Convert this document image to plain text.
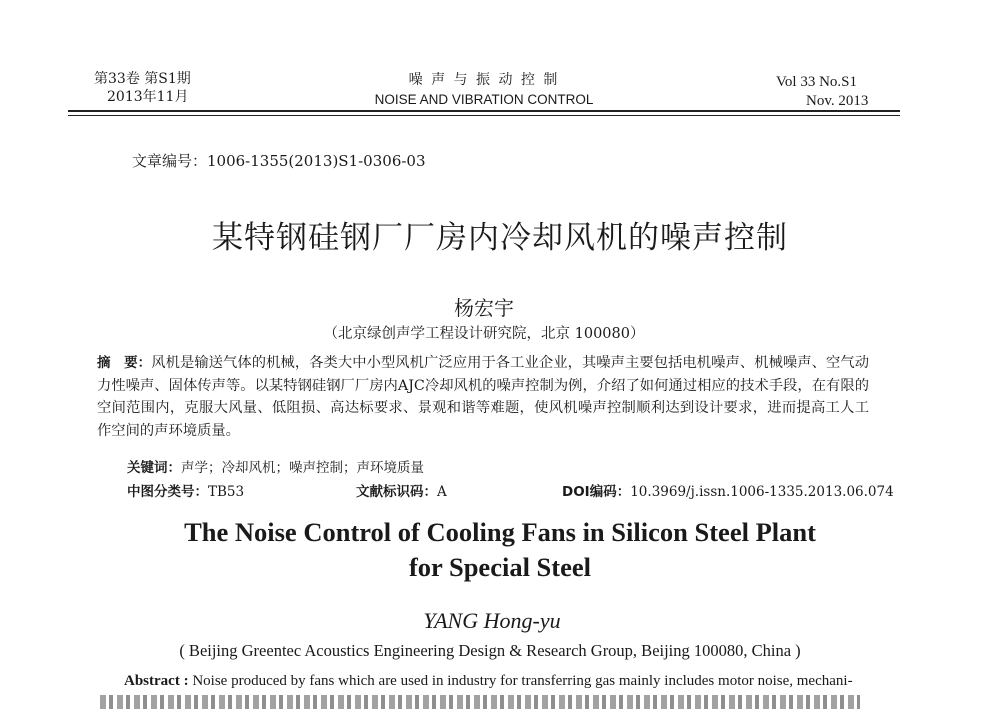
第33卷 第S1期
2013年11月
噪 声 与 振 动 控 制
NOISE AND VIBRATION CONTROL
Vol 33 No.S1
Nov. 2013
文章编号：1006-1355(2013)S1-0306-03
某特钢硅钢厂厂房内冷却风机的噪声控制
杨宏宇
（北京绿创声学工程设计研究院，北京 100080）
摘　要：风机是输送气体的机械，各类大中小型风机广泛应用于各工业企业，其噪声主要包括电机噪声、机械噪声、空气动力性噪声、固体传声等。以某特钢硅钢厂厂房内AJC冷却风机的噪声控制为例，介绍了如何通过相应的技术手段，在有限的空间范围内，克服大风量、低阻损、高达标要求、景观和谐等难题，使风机噪声控制顺利达到设计要求，进而提高工人工作空间的声环境质量。
关键词：声学；冷却风机；噪声控制；声环境质量
中图分类号：TB53	文献标识码：A	DOI编码：10.3969/j.issn.1006-1335.2013.06.074
The Noise Control of Cooling Fans in Silicon Steel Plant for Special Steel
YANG Hong-yu
( Beijing Greentec Acoustics Engineering Design & Research Group, Beijing 100080, China )
Abstract : Noise produced by fans which are used in industry for transferring gas mainly includes motor noise, mechani-
